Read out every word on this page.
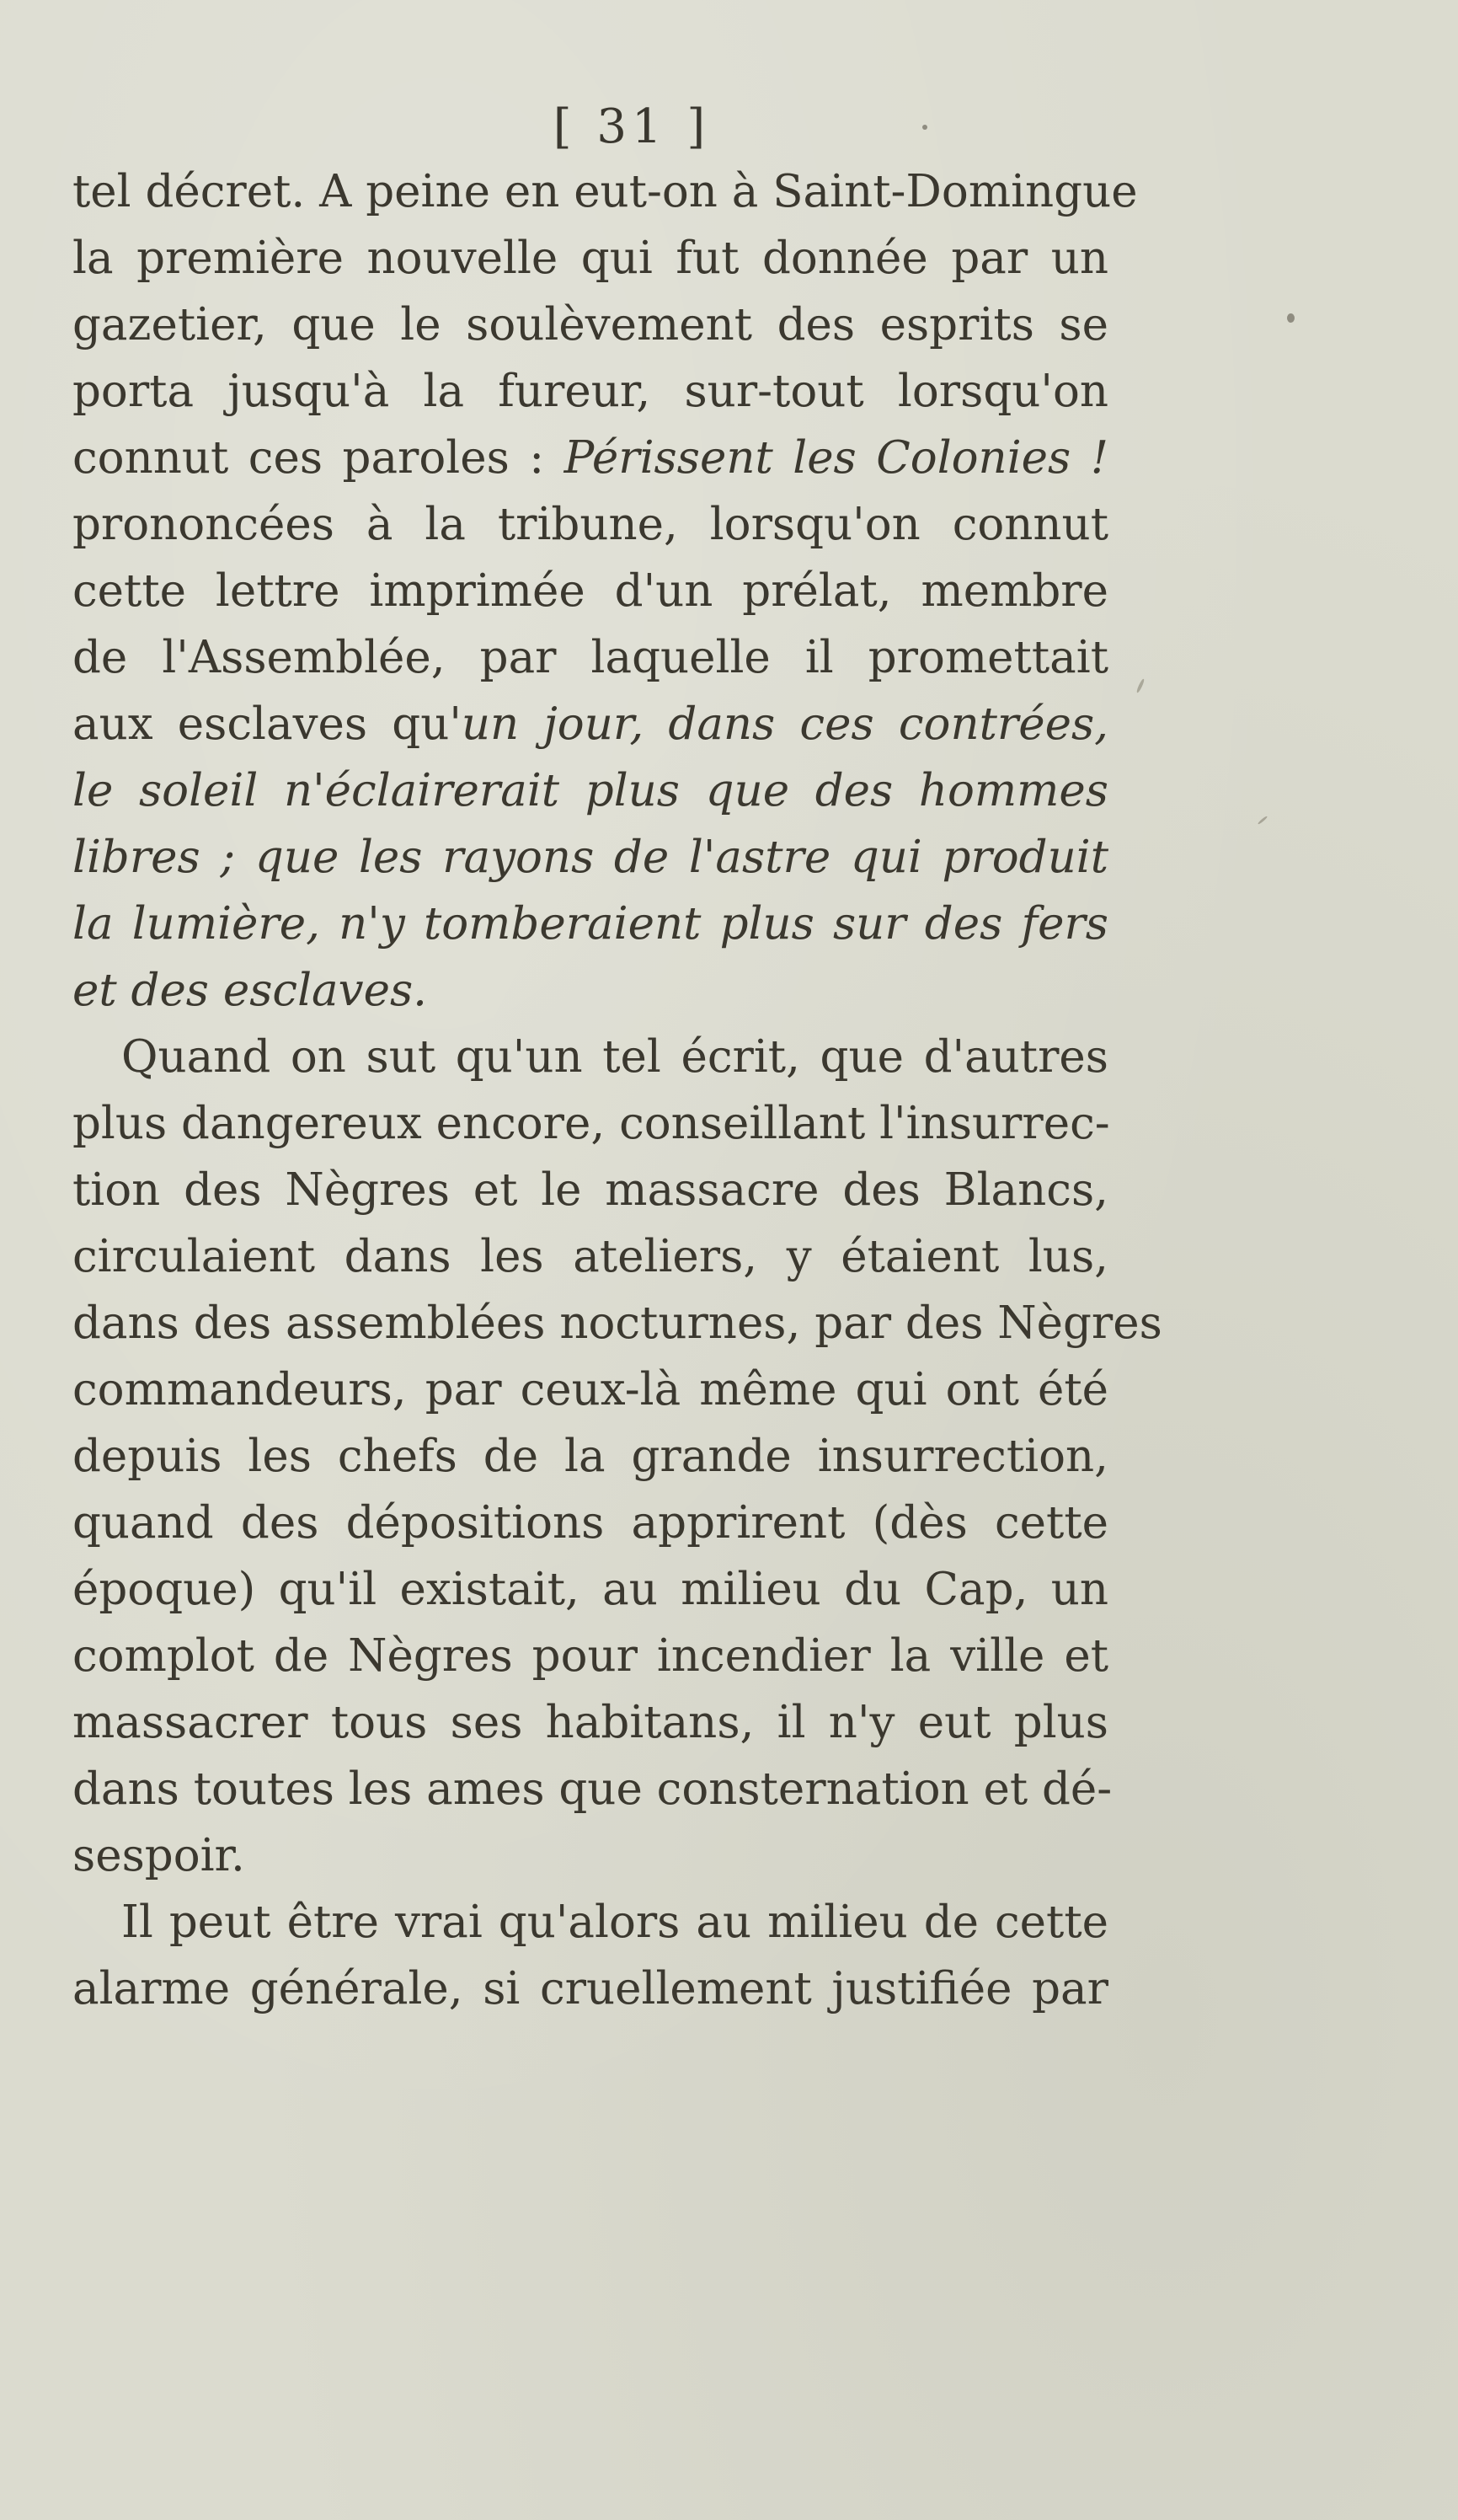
[ 31 ]
tel décret. A peine en eut-on à Saint-Domingue
la première nouvelle qui fut donnée par un
gazetier, que le soulèvement des esprits se
porta jusqu'à la fureur, sur-tout lorsqu'on
connut ces paroles : Périssent les Colonies !
prononcées à la tribune, lorsqu'on connut
cette lettre imprimée d'un prélat, membre
de l'Assemblée, par laquelle il promettait
aux esclaves qu'un jour, dans ces contrées,
le soleil n'éclairerait plus que des hommes
libres ; que les rayons de l'astre qui produit
la lumière, n'y tomberaient plus sur des fers
et des esclaves.
Quand on sut qu'un tel écrit, que d'autres
plus dangereux encore, conseillant l'insurrec-
tion des Nègres et le massacre des Blancs,
circulaient dans les ateliers, y étaient lus,
dans des assemblées nocturnes, par des Nègres
commandeurs, par ceux-là même qui ont été
depuis les chefs de la grande insurrection,
quand des dépositions apprirent (dès cette
époque) qu'il existait, au milieu du Cap, un
complot de Nègres pour incendier la ville et
massacrer tous ses habitans, il n'y eut plus
dans toutes les ames que consternation et dé-
sespoir.
Il peut être vrai qu'alors au milieu de cette
alarme générale, si cruellement justifiée par
